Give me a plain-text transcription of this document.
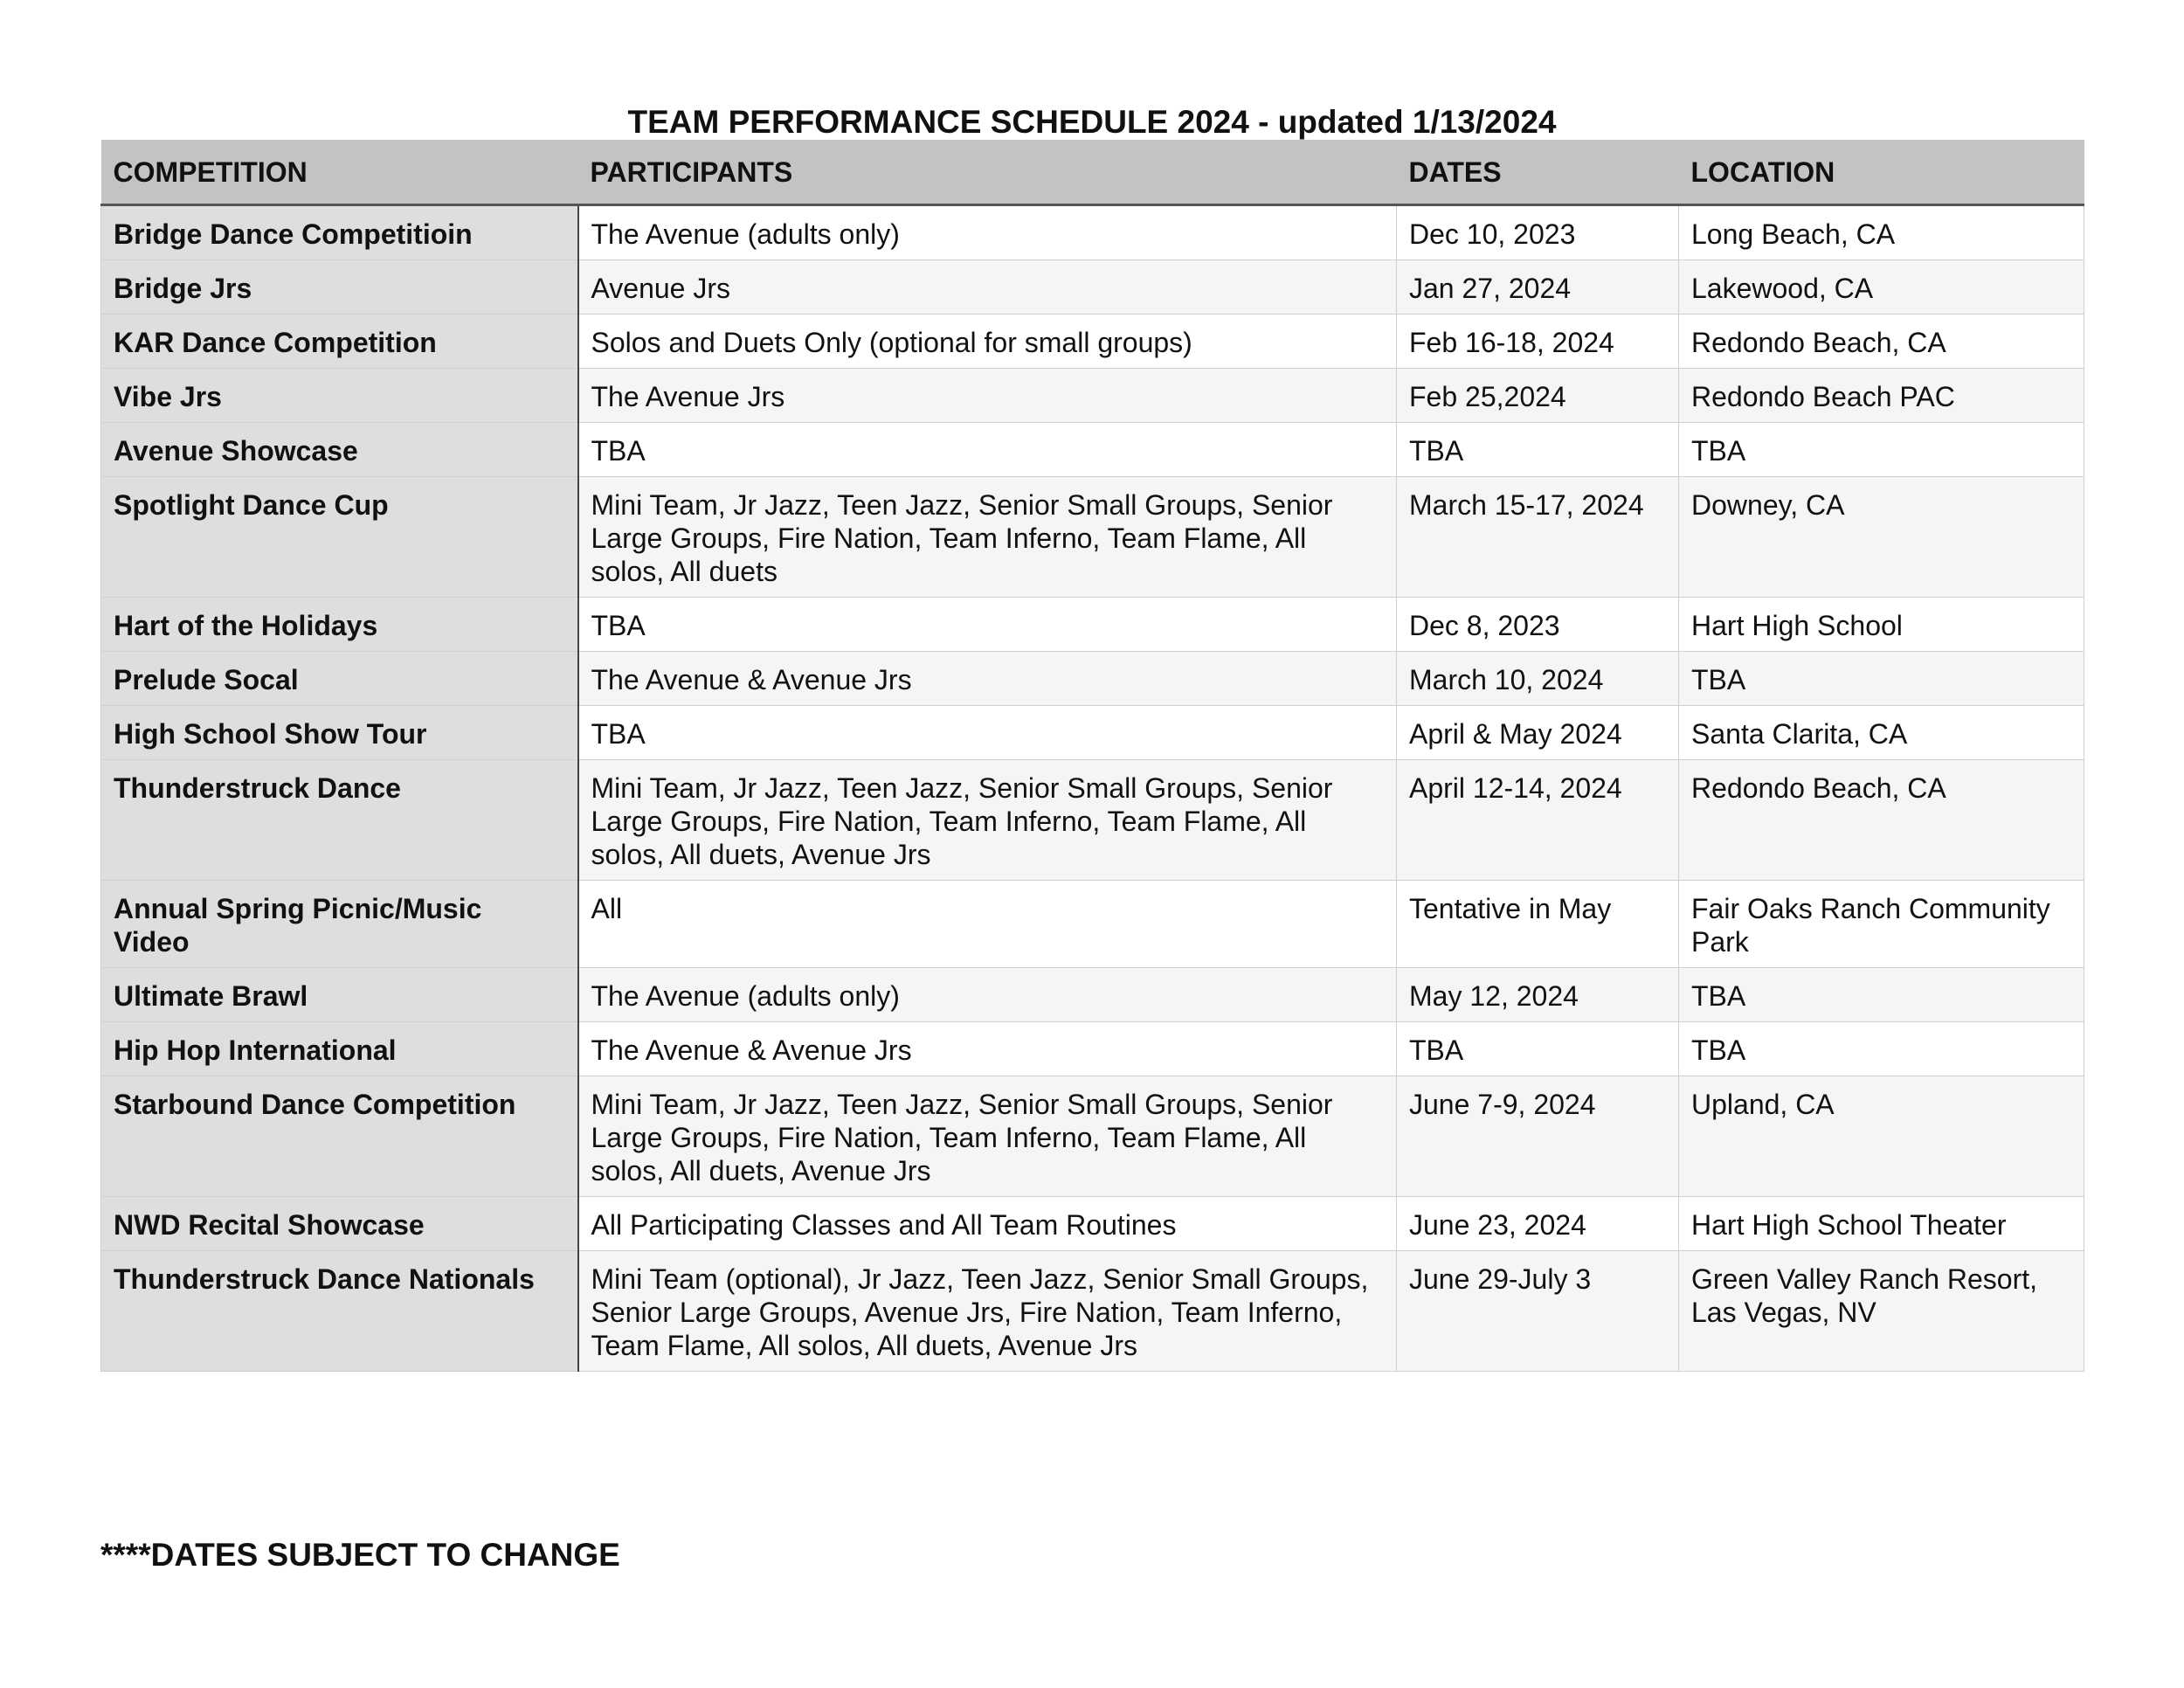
TEAM PERFORMANCE SCHEDULE 2024 - updated 1/13/2024
COMPETITION	PARTICIPANTS	DATES	LOCATION
Bridge Dance Competitioin	The Avenue (adults only)	Dec 10, 2023	Long Beach, CA
Bridge Jrs	Avenue Jrs	Jan 27, 2024	Lakewood, CA
KAR Dance Competition	Solos and Duets Only (optional for small groups)	Feb 16-18, 2024	Redondo Beach, CA
Vibe Jrs	The Avenue Jrs	Feb 25,2024	Redondo Beach PAC
Avenue Showcase	TBA	TBA	TBA
Spotlight Dance Cup	Mini Team, Jr Jazz, Teen Jazz, Senior Small Groups, Senior Large Groups, Fire Nation, Team Inferno, Team Flame, All solos, All duets	March 15-17, 2024	Downey, CA
Hart of the Holidays	TBA	Dec 8, 2023	Hart High School
Prelude Socal	The Avenue & Avenue Jrs	March 10, 2024	TBA
High School Show Tour	TBA	April & May 2024	Santa Clarita, CA
Thunderstruck Dance	Mini Team, Jr Jazz, Teen Jazz, Senior Small Groups, Senior Large Groups, Fire Nation, Team Inferno, Team Flame, All solos, All duets, Avenue Jrs	April 12-14, 2024	Redondo Beach, CA
Annual Spring Picnic/Music Video	All	Tentative in May	Fair Oaks Ranch Community Park
Ultimate Brawl	The Avenue (adults only)	May 12, 2024	TBA
Hip Hop International	The Avenue & Avenue Jrs	TBA	TBA
Starbound Dance Competition	Mini Team, Jr Jazz, Teen Jazz, Senior Small Groups, Senior Large Groups, Fire Nation, Team Inferno, Team Flame, All solos, All duets, Avenue Jrs	June 7-9, 2024	Upland, CA
NWD Recital Showcase	All Participating Classes and All Team Routines	June 23, 2024	Hart High School Theater
Thunderstruck Dance Nationals	Mini Team (optional), Jr Jazz, Teen Jazz, Senior Small Groups, Senior Large Groups, Avenue Jrs, Fire Nation, Team Inferno, Team Flame, All solos, All duets, Avenue Jrs	June 29-July 3	Green Valley Ranch Resort, Las Vegas, NV
****DATES SUBJECT TO CHANGE
